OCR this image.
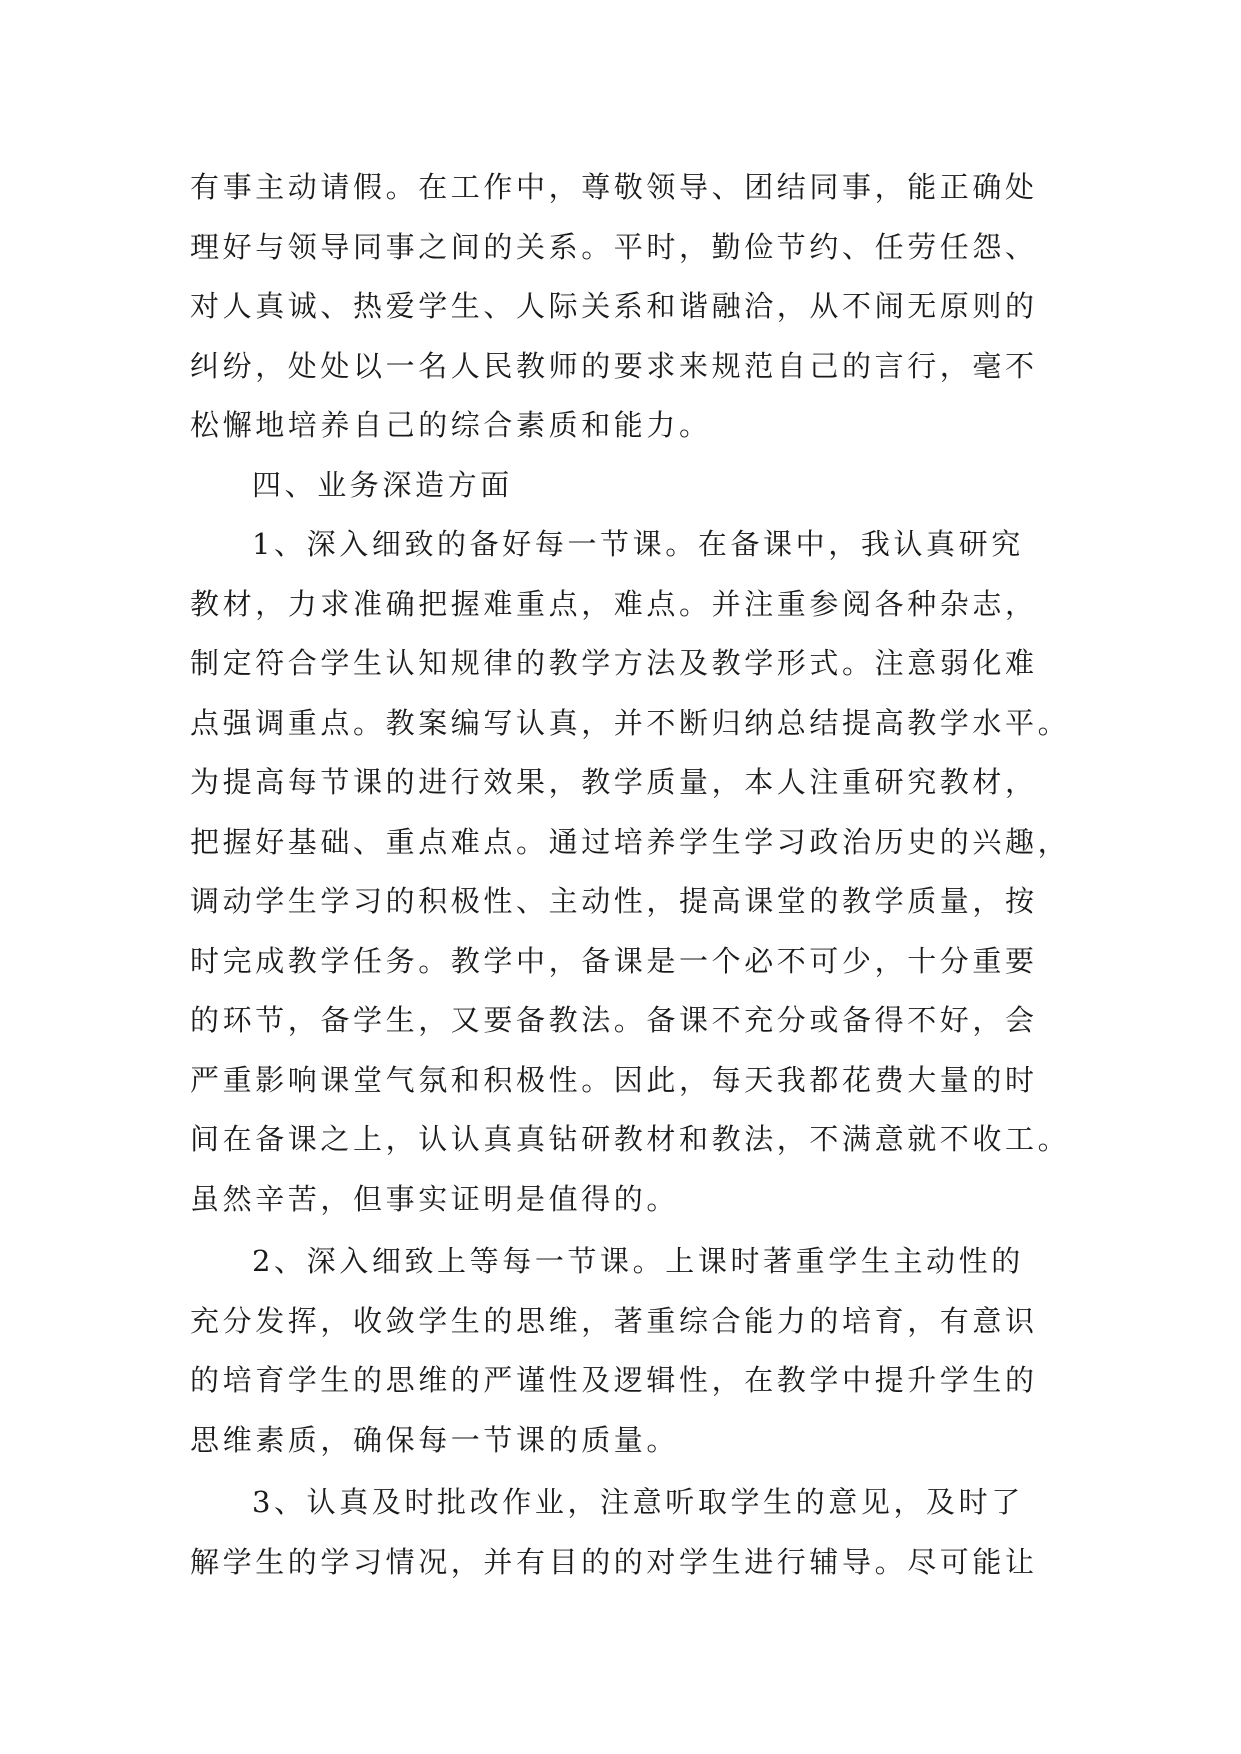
有事主动请假。在工作中，尊敬领导、团结同事，能正确处
理好与领导同事之间的关系。平时，勤俭节约、任劳任怨、
对人真诚、热爱学生、人际关系和谐融洽，从不闹无原则的
纠纷，处处以一名人民教师的要求来规范自己的言行，毫不
松懈地培养自己的综合素质和能力。
四、业务深造方面
1、深入细致的备好每一节课。在备课中，我认真研究
教材，力求准确把握难重点，难点。并注重参阅各种杂志，
制定符合学生认知规律的教学方法及教学形式。注意弱化难
点强调重点。教案编写认真，并不断归纳总结提高教学水平。
为提高每节课的进行效果，教学质量，本人注重研究教材，
把握好基础、重点难点。通过培养学生学习政治历史的兴趣，
调动学生学习的积极性、主动性，提高课堂的教学质量，按
时完成教学任务。教学中，备课是一个必不可少，十分重要
的环节，备学生，又要备教法。备课不充分或备得不好，会
严重影响课堂气氛和积极性。因此，每天我都花费大量的时
间在备课之上，认认真真钻研教材和教法，不满意就不收工。
虽然辛苦，但事实证明是值得的。
2、深入细致上等每一节课。上课时著重学生主动性的
充分发挥，收敛学生的思维，著重综合能力的培育，有意识
的培育学生的思维的严谨性及逻辑性，在教学中提升学生的
思维素质，确保每一节课的质量。
3、认真及时批改作业，注意听取学生的意见，及时了
解学生的学习情况，并有目的的对学生进行辅导。尽可能让
